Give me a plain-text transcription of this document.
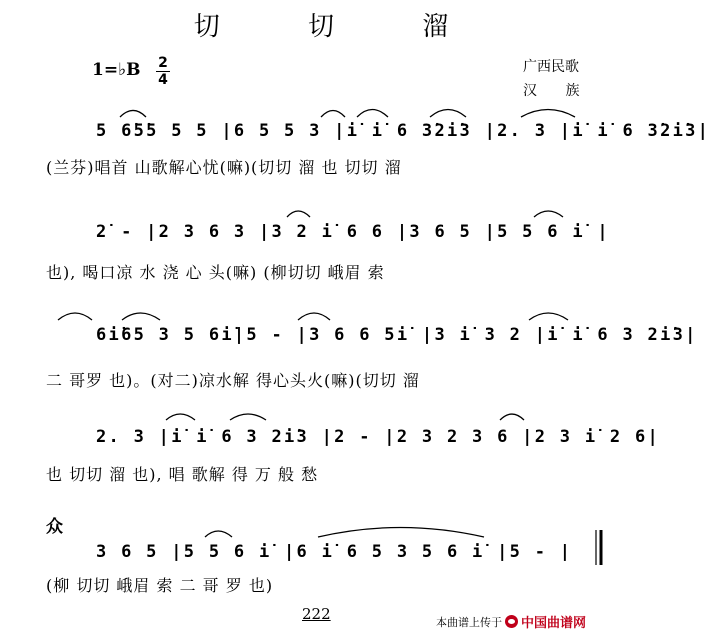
切 切 溜
1=♭B 2
4
广西民歌
汉 族
5 6̇5̇5 5 5 |6 5 5 3 |i̇ i̇ 6 3̇2i̇3 |2. 3 |i̇ i̇ 6 3̇2i̇3|
(兰芬)唱首 山歌解心忧(嘛)(切切 溜 也 切切 溜
2̇ - |2 3 6 3 |3 2 i̇ 6 6 |3 6 5 |5 5 6 i̇ |
也), 喝口凉 水 浇 心 头(嘛) (柳切切 峨眉 索
6i̇65 3 5 6i̇|5 - |3 6 6 5i̇ |3 i̇ 3 2 |i̇ i̇ 6 3 2i̇3|
二 哥罗 也)。(对二)凉水解 得心头火(嘛)(切切 溜
2. 3 |i̇ i̇ 6 3 2i̇3 |2 - |2 3 2 3 6 |2 3 i̇ 2 6|
也 切切 溜 也), 唱 歌解 得 万 般 愁
众
3 6 5 |5 5 6 i̇ |6 i̇ 6 5 3 5 6 i̇ |5 - |
(柳 切切 峨眉 索 二 哥 罗 也)
222	本曲谱上传于 中国曲谱网
